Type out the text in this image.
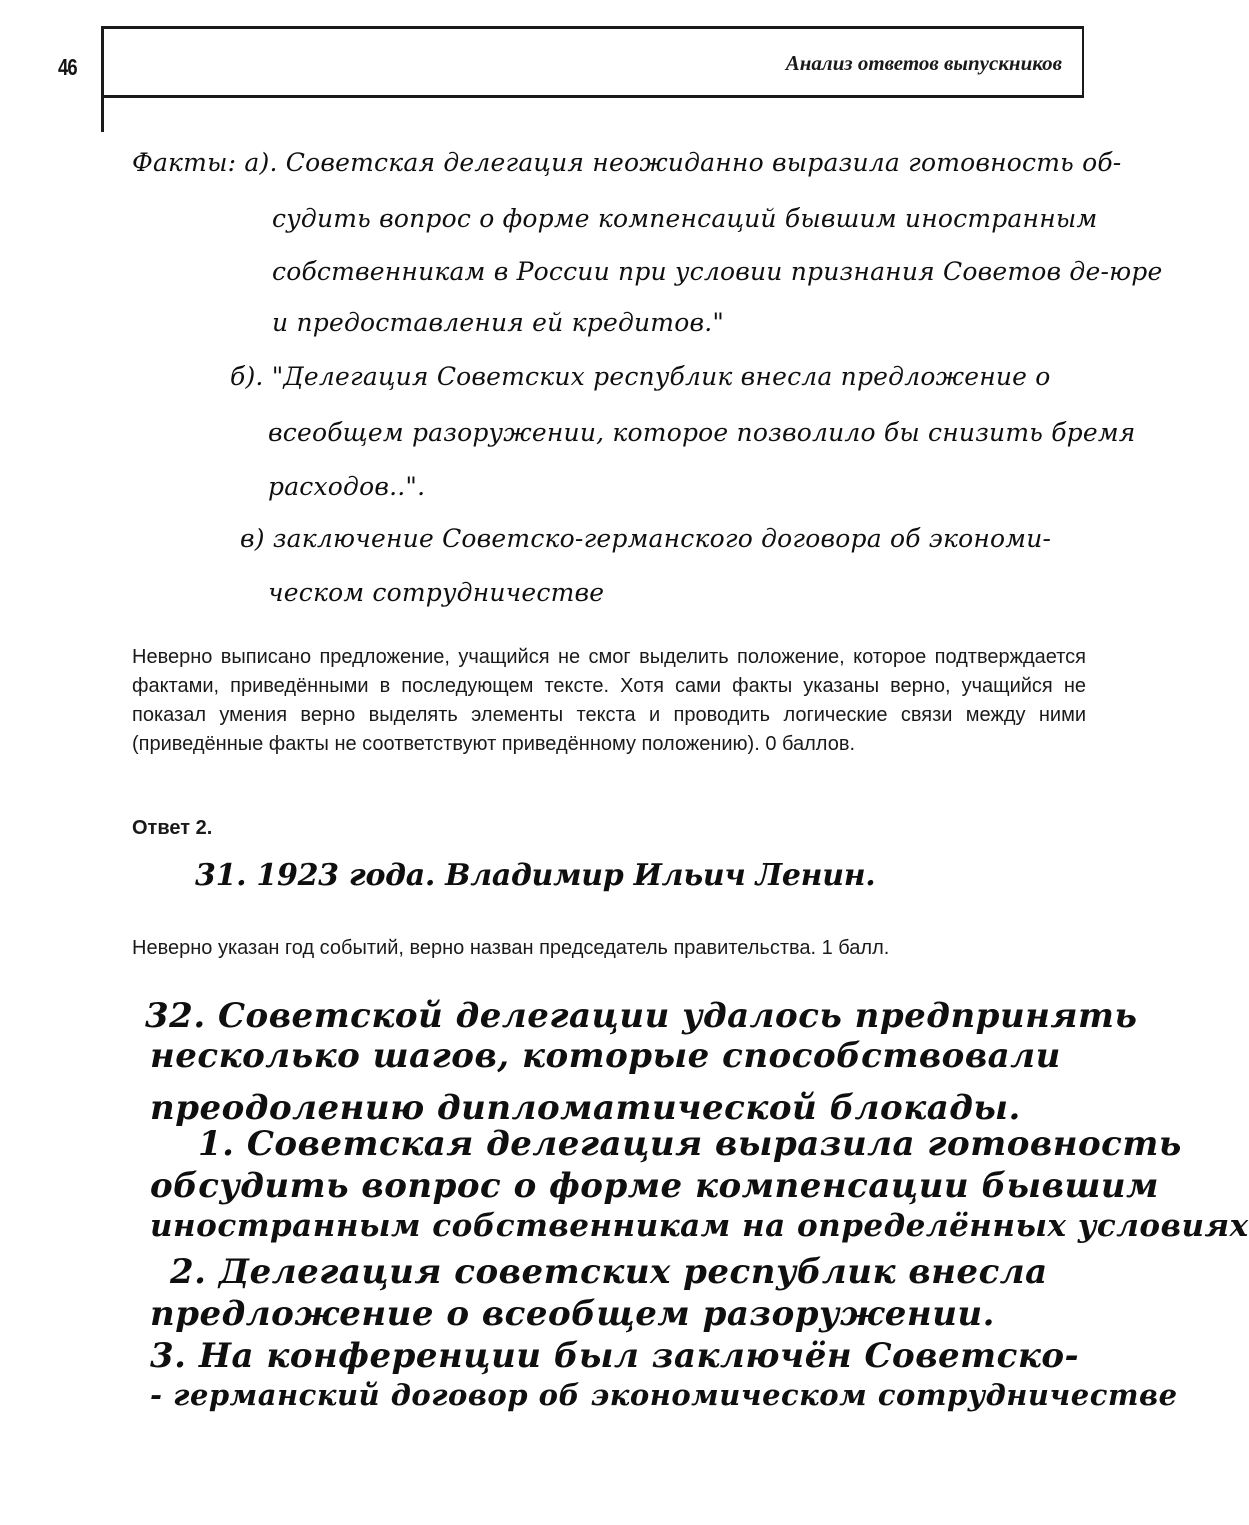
46	Анализ ответов выпускников

Факты: а). Советская делегация неожиданно выразила готовность об-

судить вопрос о форме компенсаций бывшим иностранным

собственникам в России при условии признания Советов де-юре

и предоставления ей кредитов."

б). "Делегация Советских республик внесла предложение о

всеобщем разоружении, которое позволило бы снизить бремя

расходов..".

в) заключение Советско-германского договора об экономи-

ческом сотрудничестве

Неверно выписано предложение, учащийся не смог выделить положение, которое подтверждается фактами, приведёнными в последующем тексте. Хотя сами факты указаны верно, учащийся не показал умения верно выделять элементы текста и проводить логические связи между ними (приведённые факты не соответствуют приведённому положению). 0 баллов.

Ответ 2.

31. 1923 года. Владимир Ильич Ленин.

Неверно указан год событий, верно назван председатель правительства. 1 балл.

32. Советской делегации удалось предпринять

несколько шагов, которые способствовали

преодолению дипломатической блокады.

1. Советская делегация выразила готовность

обсудить вопрос о форме компенсации бывшим

иностранным собственникам на определённых условиях

2. Делегация советских республик внесла

предложение о всеобщем разоружении.

3. На конференции был заключён Советско-

- германский договор об экономическом сотрудничестве
